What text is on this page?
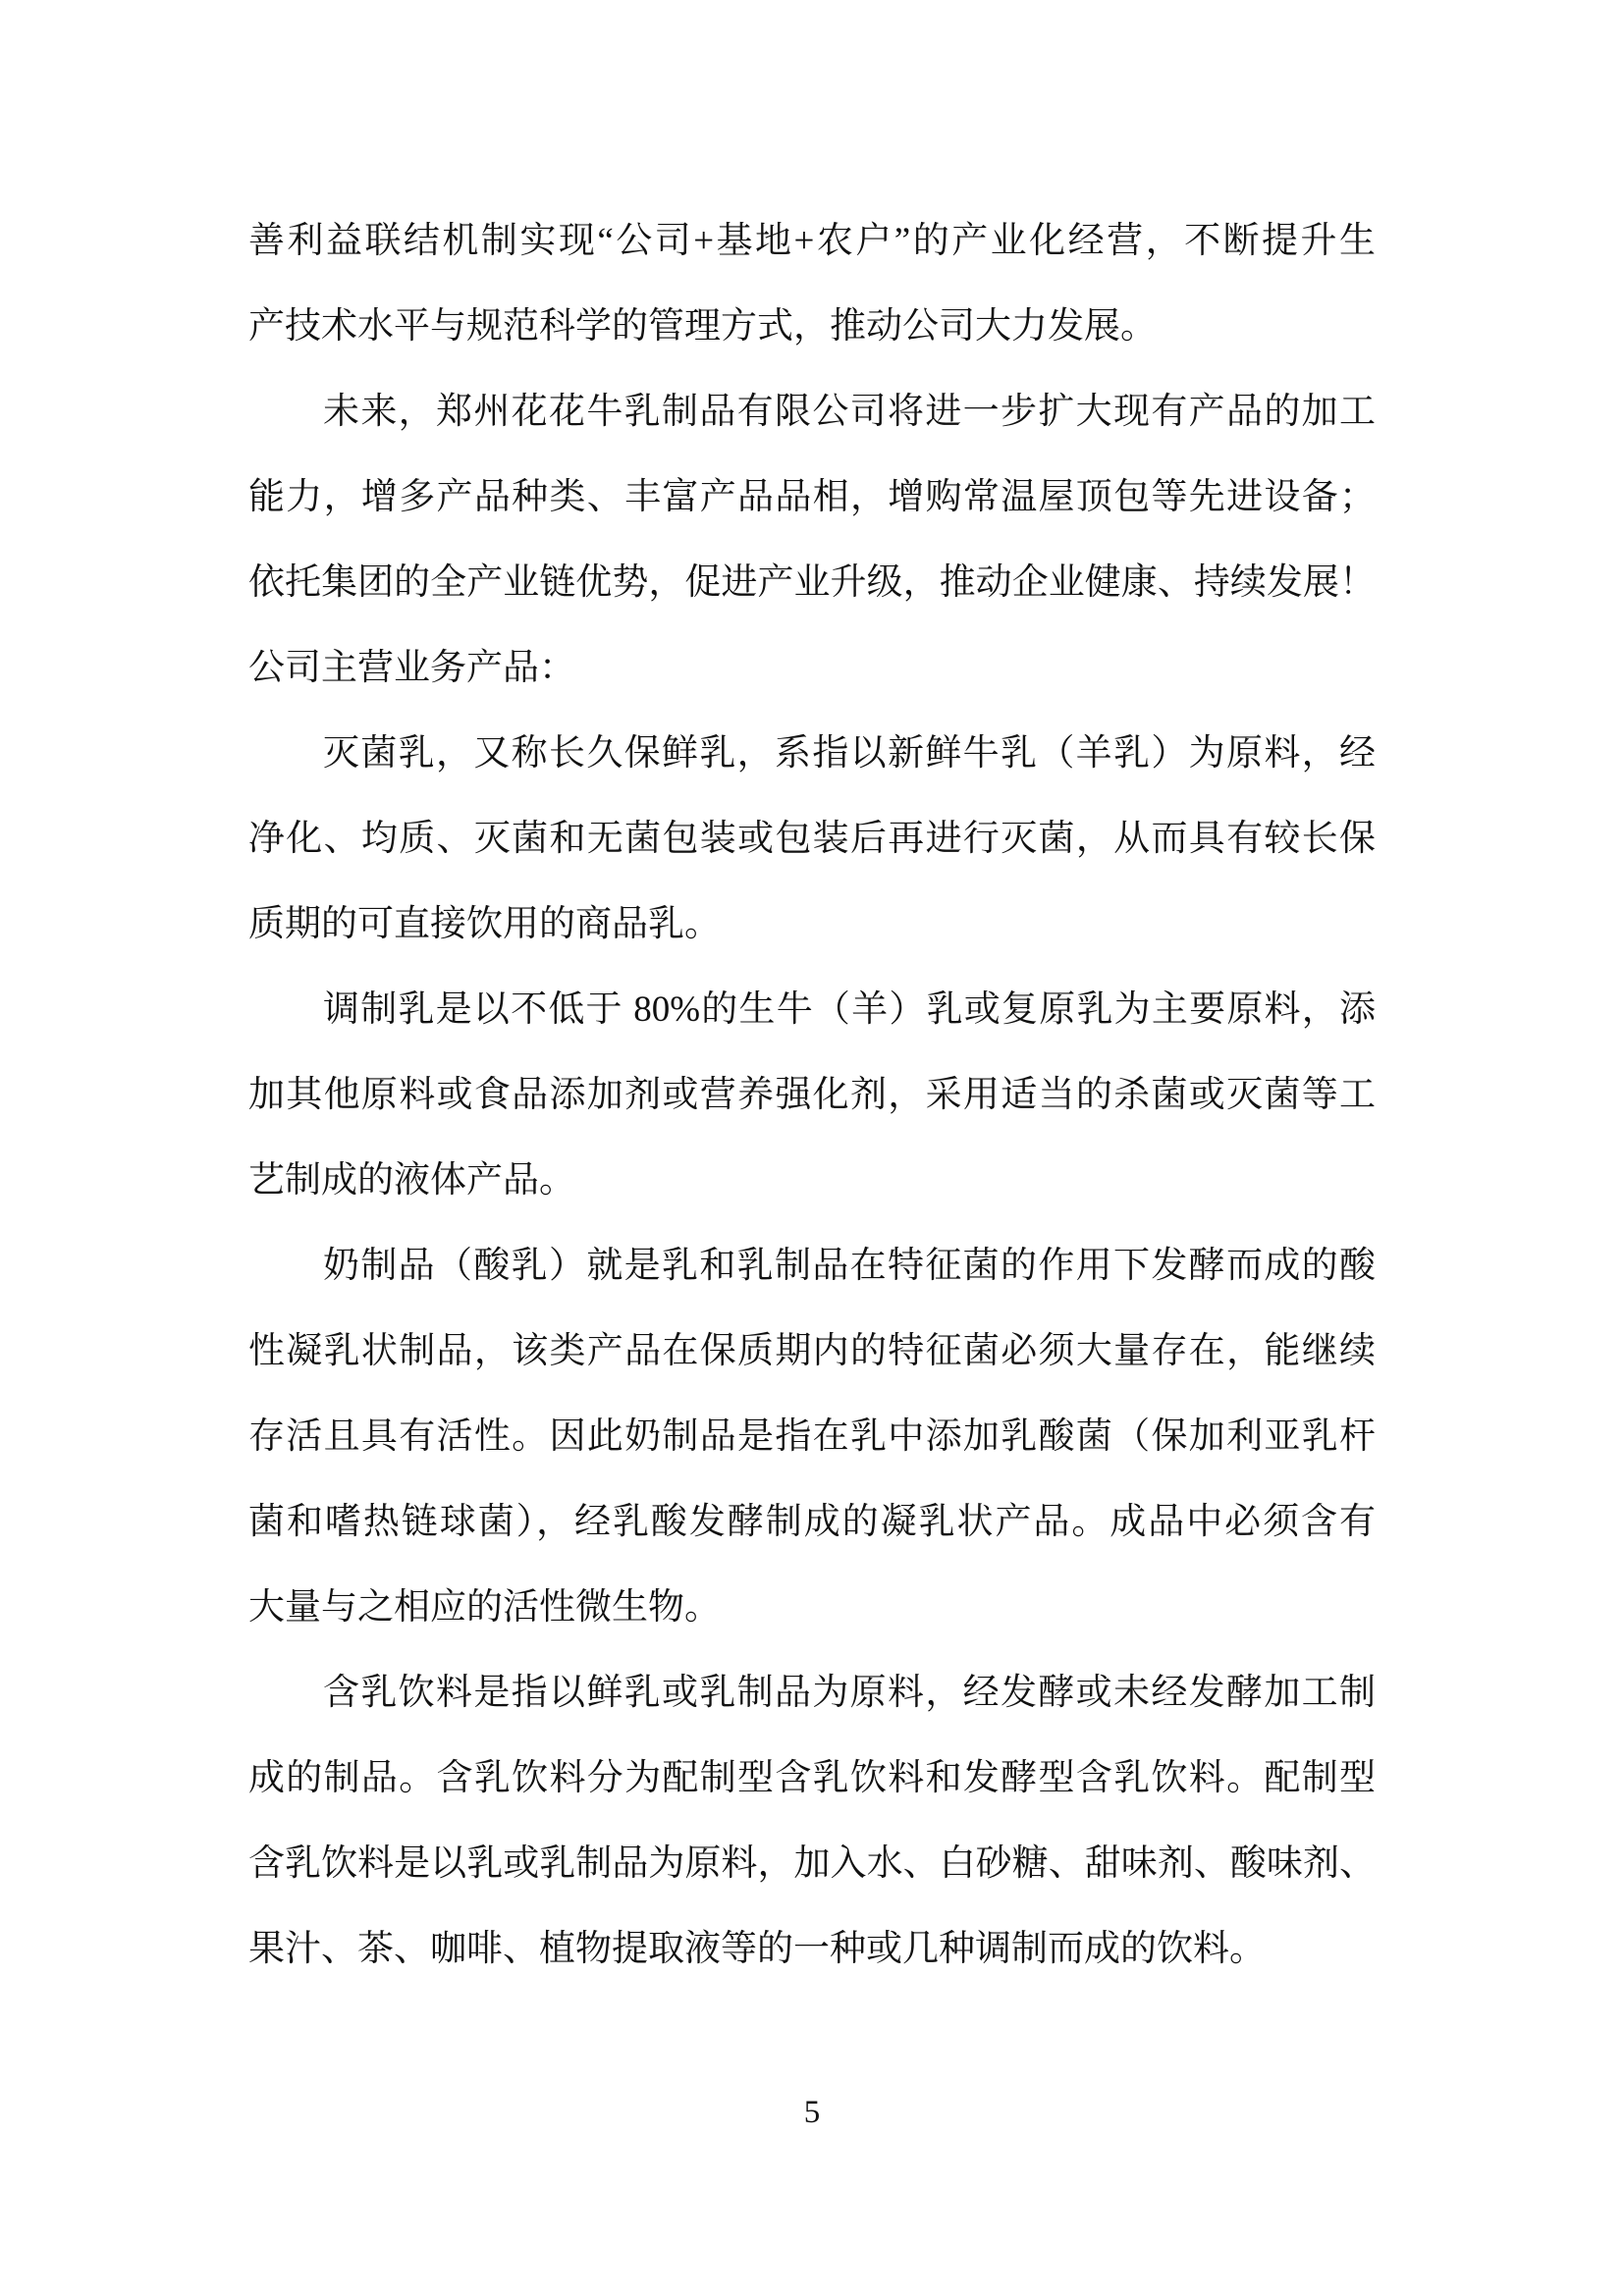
善利益联结机制实现“公司+基地+农户”的产业化经营，不断提升生
产技术水平与规范科学的管理方式，推动公司大力发展。
未来，郑州花花牛乳制品有限公司将进一步扩大现有产品的加工
能力，增多产品种类、丰富产品品相，增购常温屋顶包等先进设备；
依托集团的全产业链优势，促进产业升级，推动企业健康、持续发展！
公司主营业务产品：
灭菌乳，又称长久保鲜乳，系指以新鲜牛乳（羊乳）为原料，经
净化、均质、灭菌和无菌包装或包装后再进行灭菌，从而具有较长保
质期的可直接饮用的商品乳。
调制乳是以不低于 80%的生牛（羊）乳或复原乳为主要原料，添
加其他原料或食品添加剂或营养强化剂，采用适当的杀菌或灭菌等工
艺制成的液体产品。
奶制品（酸乳）就是乳和乳制品在特征菌的作用下发酵而成的酸
性凝乳状制品，该类产品在保质期内的特征菌必须大量存在，能继续
存活且具有活性。因此奶制品是指在乳中添加乳酸菌（保加利亚乳杆
菌和嗜热链球菌），经乳酸发酵制成的凝乳状产品。成品中必须含有
大量与之相应的活性微生物。
含乳饮料是指以鲜乳或乳制品为原料，经发酵或未经发酵加工制
成的制品。含乳饮料分为配制型含乳饮料和发酵型含乳饮料。配制型
含乳饮料是以乳或乳制品为原料，加入水、白砂糖、甜味剂、酸味剂、
果汁、茶、咖啡、植物提取液等的一种或几种调制而成的饮料。
5
